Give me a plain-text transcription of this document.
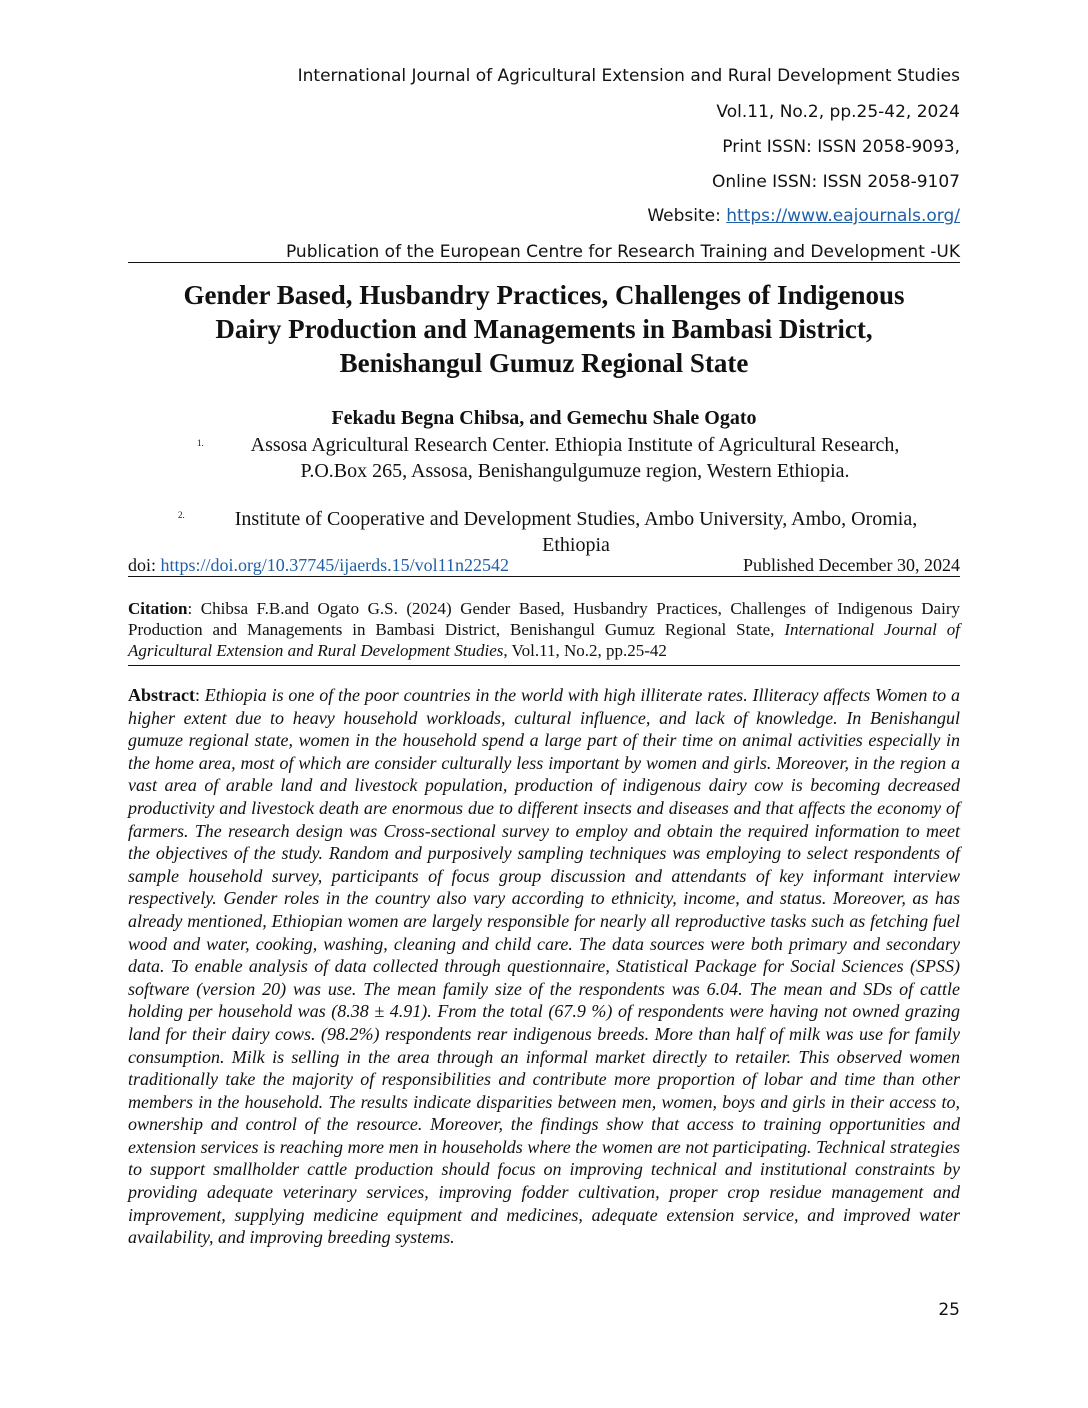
International Journal of Agricultural Extension and Rural Development Studies
Vol.11, No.2, pp.25-42, 2024
Print ISSN: ISSN 2058-9093,
Online ISSN: ISSN 2058-9107
Website: https://www.eajournals.org/
Publication of the European Centre for Research Training and Development -UK
Gender Based, Husbandry Practices, Challenges of Indigenous
Dairy Production and Managements in Bambasi District,
Benishangul Gumuz Regional State
Fekadu Begna Chibsa, and Gemechu Shale Ogato
1.	Assosa Agricultural Research Center. Ethiopia Institute of Agricultural Research,
P.O.Box 265, Assosa, Benishangulgumuze region, Western Ethiopia.
2.	Institute of Cooperative and Development Studies, Ambo University, Ambo, Oromia,
Ethiopia
doi: https://doi.org/10.37745/ijaerds.15/vol11n22542	Published December 30, 2024
Citation: Chibsa F.B.and Ogato G.S. (2024) Gender Based, Husbandry Practices, Challenges of Indigenous Dairy Production and Managements in Bambasi District, Benishangul Gumuz Regional State, International Journal of Agricultural Extension and Rural Development Studies, Vol.11, No.2, pp.25-42
Abstract: Ethiopia is one of the poor countries in the world with high illiterate rates. Illiteracy affects Women to a higher extent due to heavy household workloads, cultural influence, and lack of knowledge. In Benishangul gumuze regional state, women in the household spend a large part of their time on animal activities especially in the home area, most of which are consider culturally less important by women and girls. Moreover, in the region a vast area of arable land and livestock population, production of indigenous dairy cow is becoming decreased productivity and livestock death are enormous due to different insects and diseases and that affects the economy of farmers. The research design was Cross-sectional survey to employ and obtain the required information to meet the objectives of the study. Random and purposively sampling techniques was employing to select respondents of sample household survey, participants of focus group discussion and attendants of key informant interview respectively. Gender roles in the country also vary according to ethnicity, income, and status. Moreover, as has already mentioned, Ethiopian women are largely responsible for nearly all reproductive tasks such as fetching fuel wood and water, cooking, washing, cleaning and child care. The data sources were both primary and secondary data. To enable analysis of data collected through questionnaire, Statistical Package for Social Sciences (SPSS) software (version 20) was use. The mean family size of the respondents was 6.04. The mean and SDs of cattle holding per household was (8.38 ± 4.91). From the total (67.9 %) of respondents were having not owned grazing land for their dairy cows. (98.2%) respondents rear indigenous breeds. More than half of milk was use for family consumption. Milk is selling in the area through an informal market directly to retailer. This observed women traditionally take the majority of responsibilities and contribute more proportion of lobar and time than other members in the household. The results indicate disparities between men, women, boys and girls in their access to, ownership and control of the resource. Moreover, the findings show that access to training opportunities and extension services is reaching more men in households where the women are not participating. Technical strategies to support smallholder cattle production should focus on improving technical and institutional constraints by providing adequate veterinary services, improving fodder cultivation, proper crop residue management and improvement, supplying medicine equipment and medicines, adequate extension service, and improved water availability, and improving breeding systems.
25
